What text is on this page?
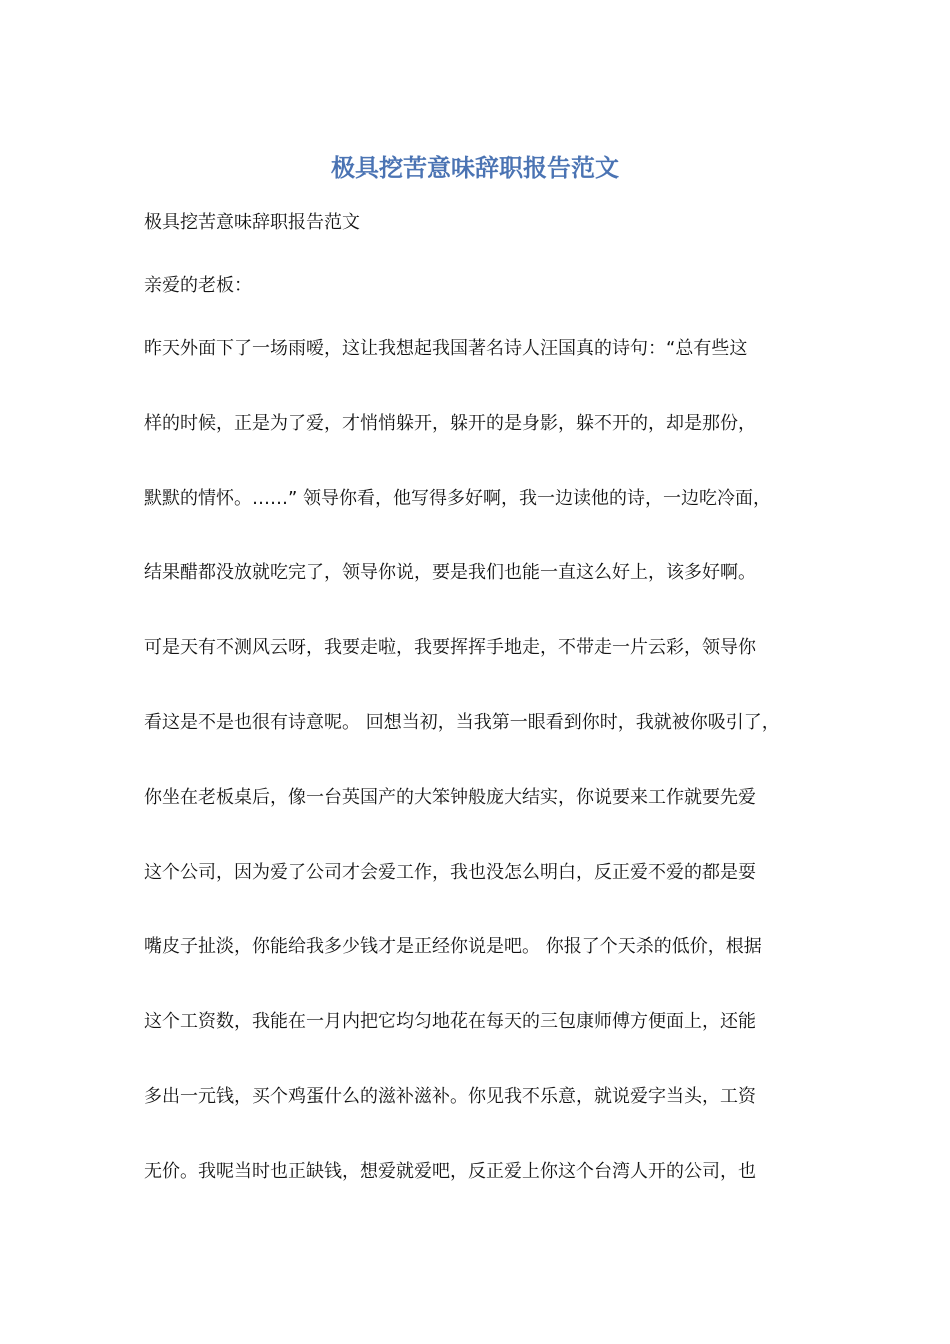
极具挖苦意味辞职报告范文

极具挖苦意味辞职报告范文

亲爱的老板：

昨天外面下了一场雨嗳，这让我想起我国著名诗人汪国真的诗句：“总有些这
样的时候，正是为了爱，才悄悄躲开，躲开的是身影，躲不开的，却是那份，
默默的情怀。……” 领导你看，他写得多好啊，我一边读他的诗，一边吃冷面，
结果醋都没放就吃完了，领导你说，要是我们也能一直这么好上，该多好啊。
可是天有不测风云呀，我要走啦，我要挥挥手地走，不带走一片云彩，领导你
看这是不是也很有诗意呢。 回想当初，当我第一眼看到你时，我就被你吸引了，
你坐在老板桌后，像一台英国产的大笨钟般庞大结实，你说要来工作就要先爱
这个公司，因为爱了公司才会爱工作，我也没怎么明白，反正爱不爱的都是耍
嘴皮子扯淡，你能给我多少钱才是正经你说是吧。 你报了个天杀的低价，根据
这个工资数，我能在一月内把它均匀地花在每天的三包康师傅方便面上，还能
多出一元钱，买个鸡蛋什么的滋补滋补。你见我不乐意，就说爱字当头，工资
无价。我呢当时也正缺钱，想爱就爱吧，反正爱上你这个台湾人开的公司，也
